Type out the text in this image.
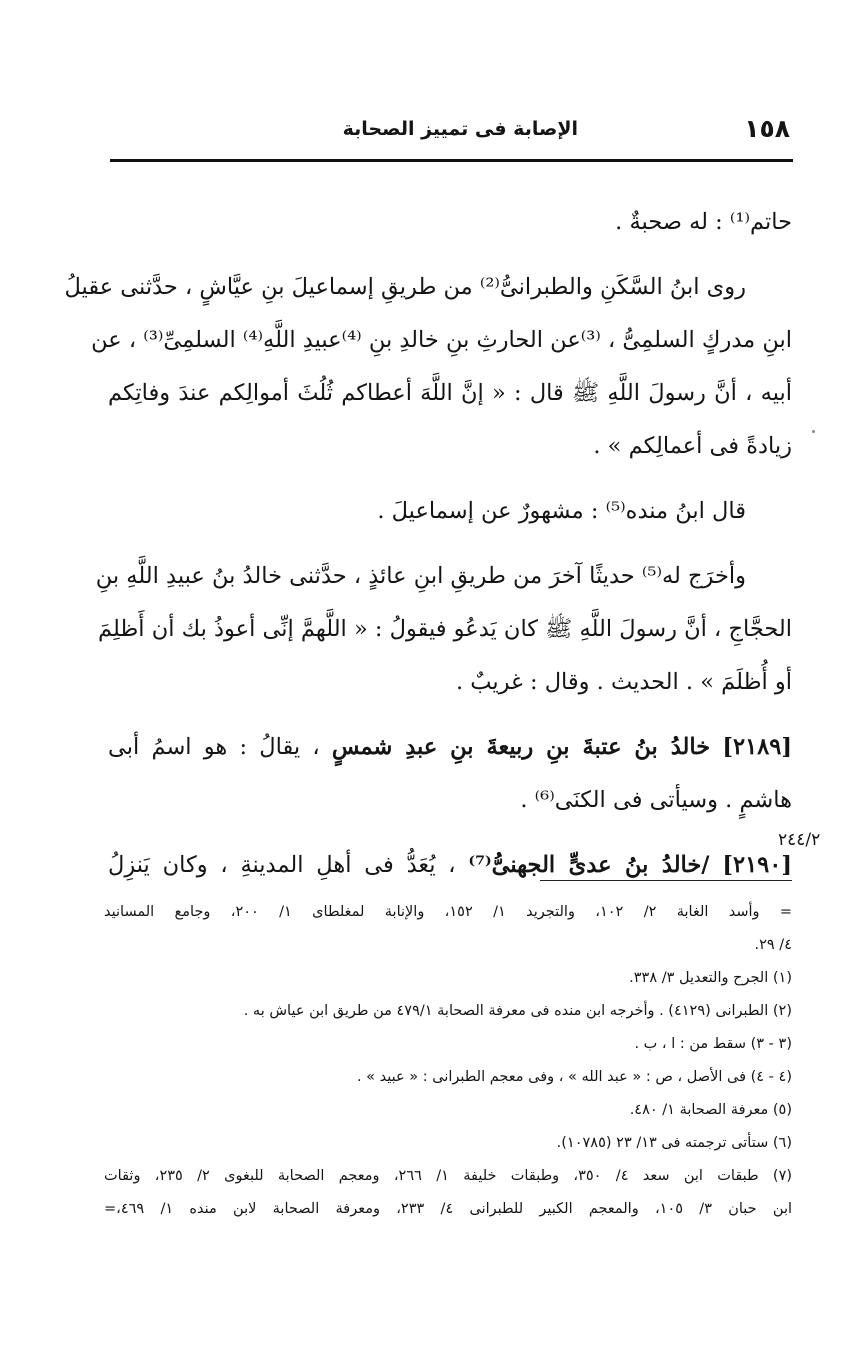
١٥٨
الإصابة فى تمييز الصحابة
حاتم⁽¹⁾ : له صحبةٌ .
روى ابنُ السَّكَنِ والطبرانىُّ⁽²⁾ من طريقِ إسماعيلَ بنِ عيَّاشٍ ، حدَّثنى عقيلُ
ابنِ مدركٍ السلمِىُّ ، ⁽³⁾عن الحارثِ بنِ خالدِ بنِ ⁽⁴⁾عبيدِ اللَّهِ⁽⁴⁾ السلمِىِّ⁽³⁾ ، عن
أبيه ، أنَّ رسولَ اللَّهِ ﷺ قال : « إنَّ اللَّهَ أعطاكم ثُلُثَ أموالِكم عندَ وفاتِكم
زيادةً فى أعمالِكم » .
قال ابنُ منده⁽⁵⁾ : مشهورٌ عن إسماعيلَ .
وأخرَج له⁽⁵⁾ حديثًا آخرَ من طريقِ ابنِ عائذٍ ، حدَّثنى خالدُ بنُ عبيدِ اللَّهِ بنِ
الحجَّاجِ ، أنَّ رسولَ اللَّهِ ﷺ كان يَدعُو فيقولُ : « اللَّهمَّ إنِّى أعوذُ بك أن أَظلِمَ
أو أُظلَمَ » . الحديث . وقال : غريبٌ .
[٢١٨٩] خالدُ بنُ عتبةَ بنِ ربيعةَ بنِ عبدِ شمسٍ ، يقالُ : هو اسمُ أبى
هاشمٍ . وسيأتى فى الكنَى⁽⁶⁾ .
[٢١٩٠] /خالدُ بنُ عدىٍّ الجهنىُّ⁽⁷⁾ ، يُعَدُّ فى أهلِ المدينةِ ، وكان يَنزِلُ
٢٤٤/٢
= وأسد الغابة ٢/ ١٠٢، والتجريد ١/ ١٥٢، والإنابة لمغلطاى ١/ ٢٠٠، وجامع المسانيد
٤/ ٢٩.
(١) الجرح والتعديل ٣/ ٣٣٨.
(٢) الطبرانى (٤١٢٩) . وأخرجه ابن منده فى معرفة الصحابة ٤٧٩/١ من طريق ابن عياش به .
(٣ - ٣) سقط من : ا ، ب .
(٤ - ٤) فى الأصل ، ص : « عبد الله » ، وفى معجم الطبرانى : « عبيد » .
(٥) معرفة الصحابة ١/ ٤٨٠.
(٦) ستأتى ترجمته فى ١٣/ ٢٣ (١٠٧٨٥).
(٧) طبقات ابن سعد ٤/ ٣٥٠، وطبقات خليفة ١/ ٢٦٦، ومعجم الصحابة للبغوى ٢/ ٢٣٥، وثقات
ابن حبان ٣/ ١٠٥، والمعجم الكبير للطبرانى ٤/ ٢٣٣، ومعرفة الصحابة لابن منده ١/ ٤٦٩،=
